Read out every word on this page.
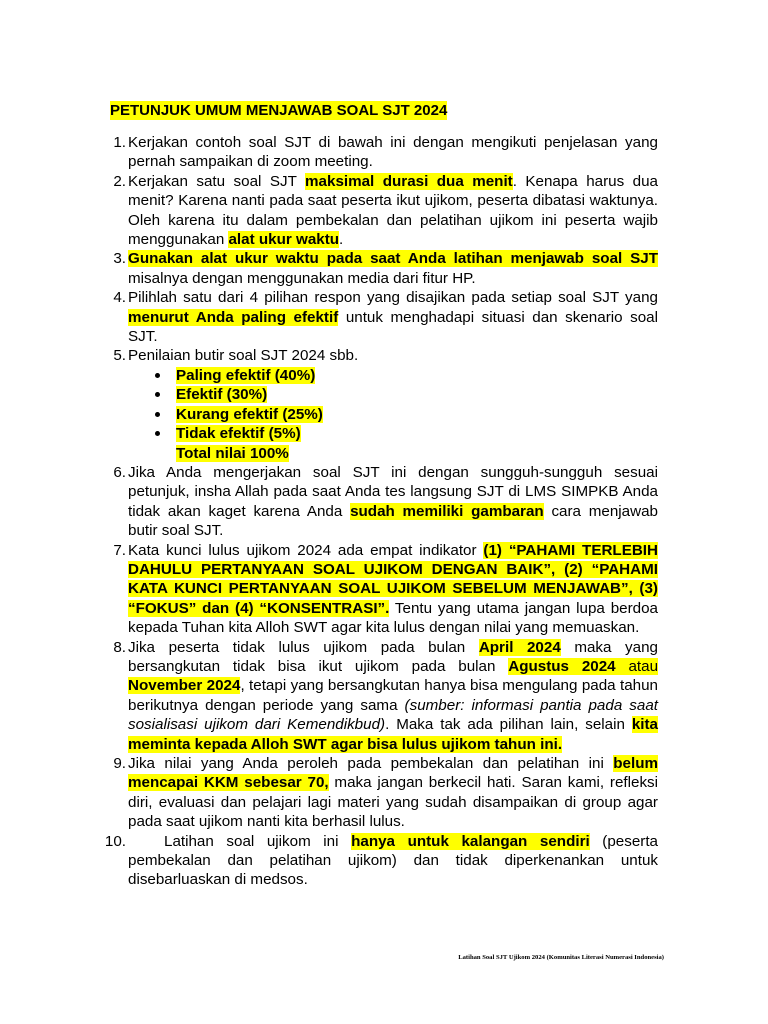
PETUNJUK UMUM MENJAWAB SOAL SJT 2024
1. Kerjakan contoh soal SJT di bawah ini dengan mengikuti penjelasan yang pernah sampaikan di zoom meeting.
2. Kerjakan satu soal SJT maksimal durasi dua menit. Kenapa harus dua menit? Karena nanti pada saat peserta ikut ujikom, peserta dibatasi waktunya. Oleh karena itu dalam pembekalan dan pelatihan ujikom ini peserta wajib menggunakan alat ukur waktu.
3. Gunakan alat ukur waktu pada saat Anda latihan menjawab soal SJT misalnya dengan menggunakan media dari fitur HP.
4. Pilihlah satu dari 4 pilihan respon yang disajikan pada setiap soal SJT yang menurut Anda paling efektif untuk menghadapi situasi dan skenario soal SJT.
5. Penilaian butir soal SJT 2024 sbb.
Paling efektif (40%)
Efektif (30%)
Kurang efektif (25%)
Tidak efektif (5%)
Total nilai 100%
6. Jika Anda mengerjakan soal SJT ini dengan sungguh-sungguh sesuai petunjuk, insha Allah pada saat Anda tes langsung SJT di LMS SIMPKB Anda tidak akan kaget karena Anda sudah memiliki gambaran cara menjawab butir soal SJT.
7. Kata kunci lulus ujikom 2024 ada empat indikator (1) “PAHAMI TERLEBIH DAHULU PERTANYAAN SOAL UJIKOM DENGAN BAIK”, (2) “PAHAMI KATA KUNCI PERTANYAAN SOAL UJIKOM SEBELUM MENJAWAB”, (3) “FOKUS” dan (4) “KONSENTRASI”. Tentu yang utama jangan lupa berdoa kepada Tuhan kita Alloh SWT agar kita lulus dengan nilai yang memuaskan.
8. Jika peserta tidak lulus ujikom pada bulan April 2024 maka yang bersangkutan tidak bisa ikut ujikom pada bulan Agustus 2024 atau November 2024, tetapi yang bersangkutan hanya bisa mengulang pada tahun berikutnya dengan periode yang sama (sumber: informasi pantia pada saat sosialisasi ujikom dari Kemendikbud). Maka tak ada pilihan lain, selain kita meminta kepada Alloh SWT agar bisa lulus ujikom tahun ini.
9. Jika nilai yang Anda peroleh pada pembekalan dan pelatihan ini belum mencapai KKM sebesar 70, maka jangan berkecil hati. Saran kami, refleksi diri, evaluasi dan pelajari lagi materi yang sudah disampaikan di group agar pada saat ujikom nanti kita berhasil lulus.
10.	Latihan soal ujikom ini hanya untuk kalangan sendiri (peserta pembekalan dan pelatihan ujikom) dan tidak diperkenankan untuk disebarluaskan di medsos.
Latihan Soal SJT Ujikom 2024 (Komunitas Literasi Numerasi Indonesia)
